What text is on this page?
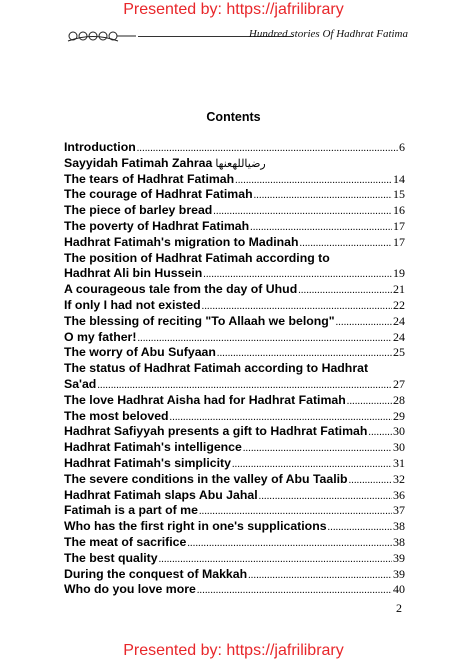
Presented by: https://jafrilibrary
Hundred stories Of Hadhrat Fatima
Contents
Introduction .....	6
Sayyidah Fatimah Zahraa رضياللهعنها
The tears of Hadhrat Fatimah .....	14
The courage of Hadhrat Fatimah .....	15
The piece of barley bread .....	16
The poverty of Hadhrat Fatimah .....	17
Hadhrat Fatimah's migration to Madinah .....	17
The position of Hadhrat Fatimah according to
Hadhrat Ali bin Hussein .....	19
A courageous tale from the day of Uhud .....	21
If only I had not existed .....	22
The blessing of reciting "To Allaah we belong" .....	24
O my father! .....	24
The worry of Abu Sufyaan .....	25
The status of Hadhrat Fatimah according to Hadhrat
Sa'ad .....	27
The love Hadhrat Aisha had for Hadhrat Fatimah .....	28
The most beloved .....	29
Hadhrat Safiyyah presents a gift to Hadhrat Fatimah ..... 30
Hadhrat Fatimah's intelligence .....	30
Hadhrat Fatimah's simplicity .....	31
The severe conditions in the valley of Abu Taalib .....	32
Hadhrat Fatimah slaps Abu Jahal .....	36
Fatimah is a part of me .....	37
Who has the first right in one's supplications .....	38
The meat of sacrifice .....	38
The best quality .....	39
During the conquest of Makkah .....	39
Who do you love more .....	40
2
Presented by: https://jafrilibrary
